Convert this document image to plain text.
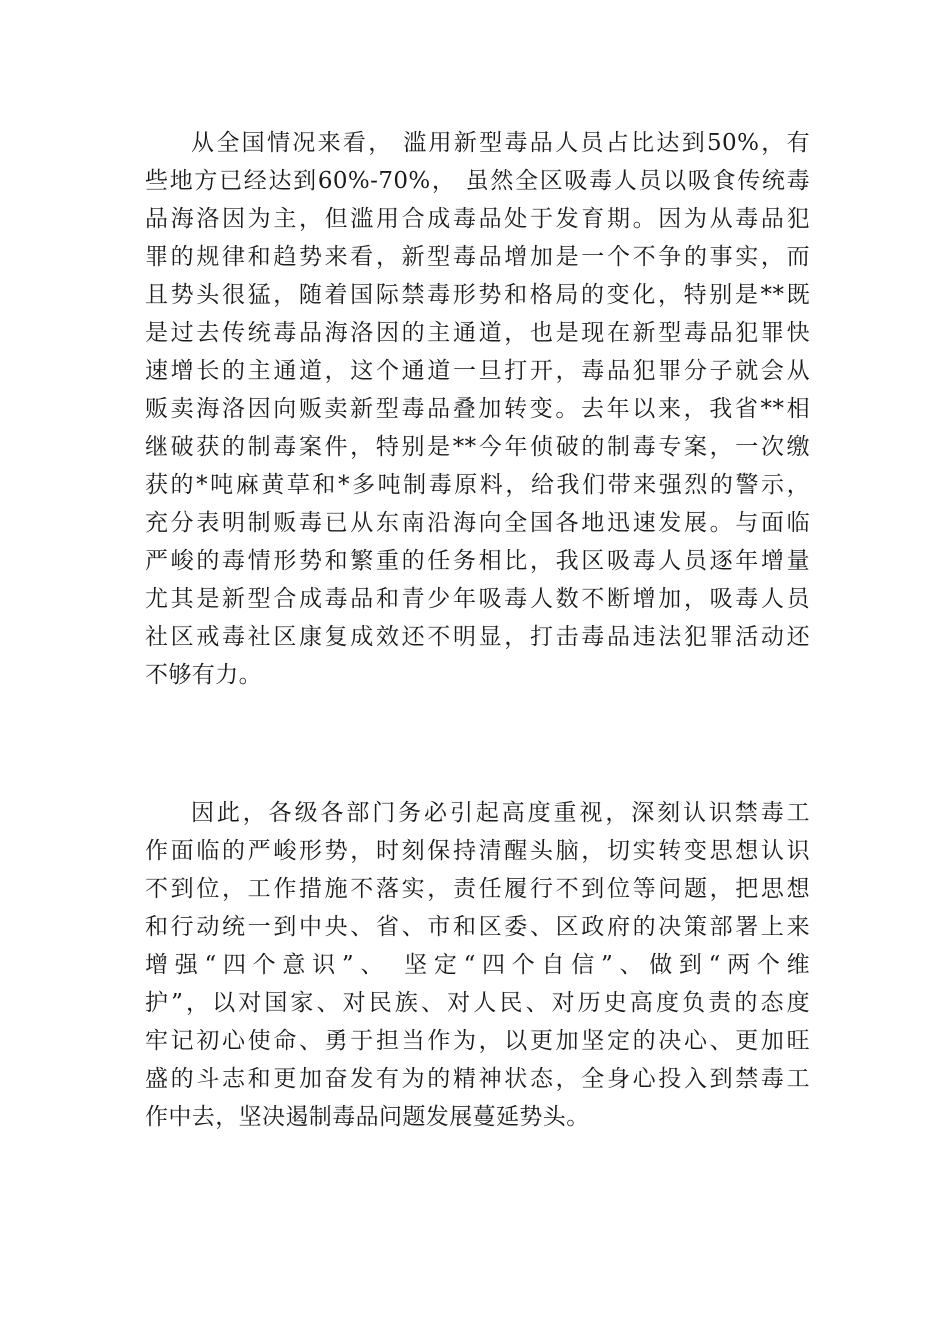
从全国情况来看， 滥用新型毒品人员占比达到50%，有
些地方已经达到60%-70%， 虽然全区吸毒人员以吸食传统毒
品海洛因为主，但滥用合成毒品处于发育期。因为从毒品犯
罪的规律和趋势来看，新型毒品增加是一个不争的事实，而
且势头很猛，随着国际禁毒形势和格局的变化，特别是**既
是过去传统毒品海洛因的主通道，也是现在新型毒品犯罪快
速增长的主通道，这个通道一旦打开，毒品犯罪分子就会从
贩卖海洛因向贩卖新型毒品叠加转变。去年以来，我省**相
继破获的制毒案件，特别是**今年侦破的制毒专案，一次缴
获的*吨麻黄草和*多吨制毒原料，给我们带来强烈的警示，
充分表明制贩毒已从东南沿海向全国各地迅速发展。与面临
严峻的毒情形势和繁重的任务相比，我区吸毒人员逐年增量
尤其是新型合成毒品和青少年吸毒人数不断增加，吸毒人员
社区戒毒社区康复成效还不明显，打击毒品违法犯罪活动还
不够有力。
因此，各级各部门务必引起高度重视，深刻认识禁毒工
作面临的严峻形势，时刻保持清醒头脑，切实转变思想认识
不到位，工作措施不落实，责任履行不到位等问题，把思想
和行动统一到中央、省、市和区委、区政府的决策部署上来
增强“四个意识”、 坚定“四个自信”、做到“两个维
护”，以对国家、对民族、对人民、对历史高度负责的态度
牢记初心使命、勇于担当作为，以更加坚定的决心、更加旺
盛的斗志和更加奋发有为的精神状态，全身心投入到禁毒工
作中去，坚决遏制毒品问题发展蔓延势头。
